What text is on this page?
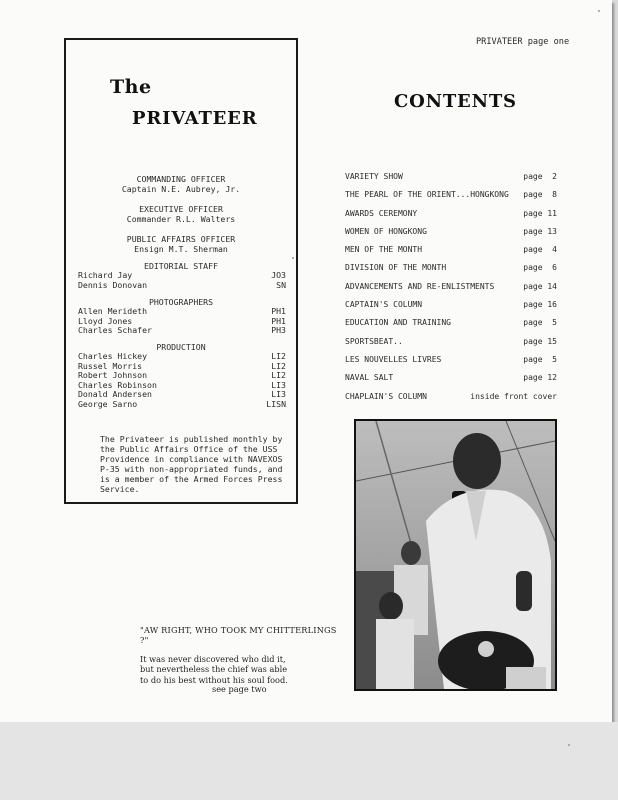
The
PRIVATEER
COMMANDING OFFICER
Captain N.E. Aubrey, Jr.
EXECUTIVE OFFICER
Commander R.L. Walters
PUBLIC AFFAIRS OFFICER
Ensign M.T. Sherman
EDITORIAL STAFF
Richard Jay	JO3
Dennis Donovan	SN
PHOTOGRAPHERS
Allen Merideth	PH1
Lloyd Jones	PH1
Charles Schafer	PH3
PRODUCTION
Charles Hickey	LI2
Russel Morris	LI2
Robert Johnson	LI2
Charles Robinson	LI3
Donald Andersen	LI3
George Sarno	LISN
The Privateer is published monthly by the Public Affairs Office of the USS Providence in compliance with NAVEXOS P-35 with non-appropriated funds, and is a member of the Armed Forces Press Service.
PRIVATEER page one
CONTENTS
VARIETY SHOW	page  2
THE PEARL OF THE ORIENT...HONGKONG page  8
AWARDS CEREMONY	page 11
WOMEN OF HONGKONG	page 13
MEN OF THE MONTH	page  4
DIVISION OF THE MONTH	page  6
ADVANCEMENTS AND RE-ENLISTMENTS	page 14
CAPTAIN'S COLUMN	page 16
EDUCATION AND TRAINING	page  5
SPORTSBEAT..	page 15
LES NOUVELLES LIVRES	page  5
NAVAL SALT	page 12
CHAPLAIN'S COLUMN	inside front cover

"AW RIGHT, WHO TOOK MY CHITTERLINGS ?"

It was never discovered who did it,
but nevertheless the chief was able
to do his best without his soul food.

see page two
